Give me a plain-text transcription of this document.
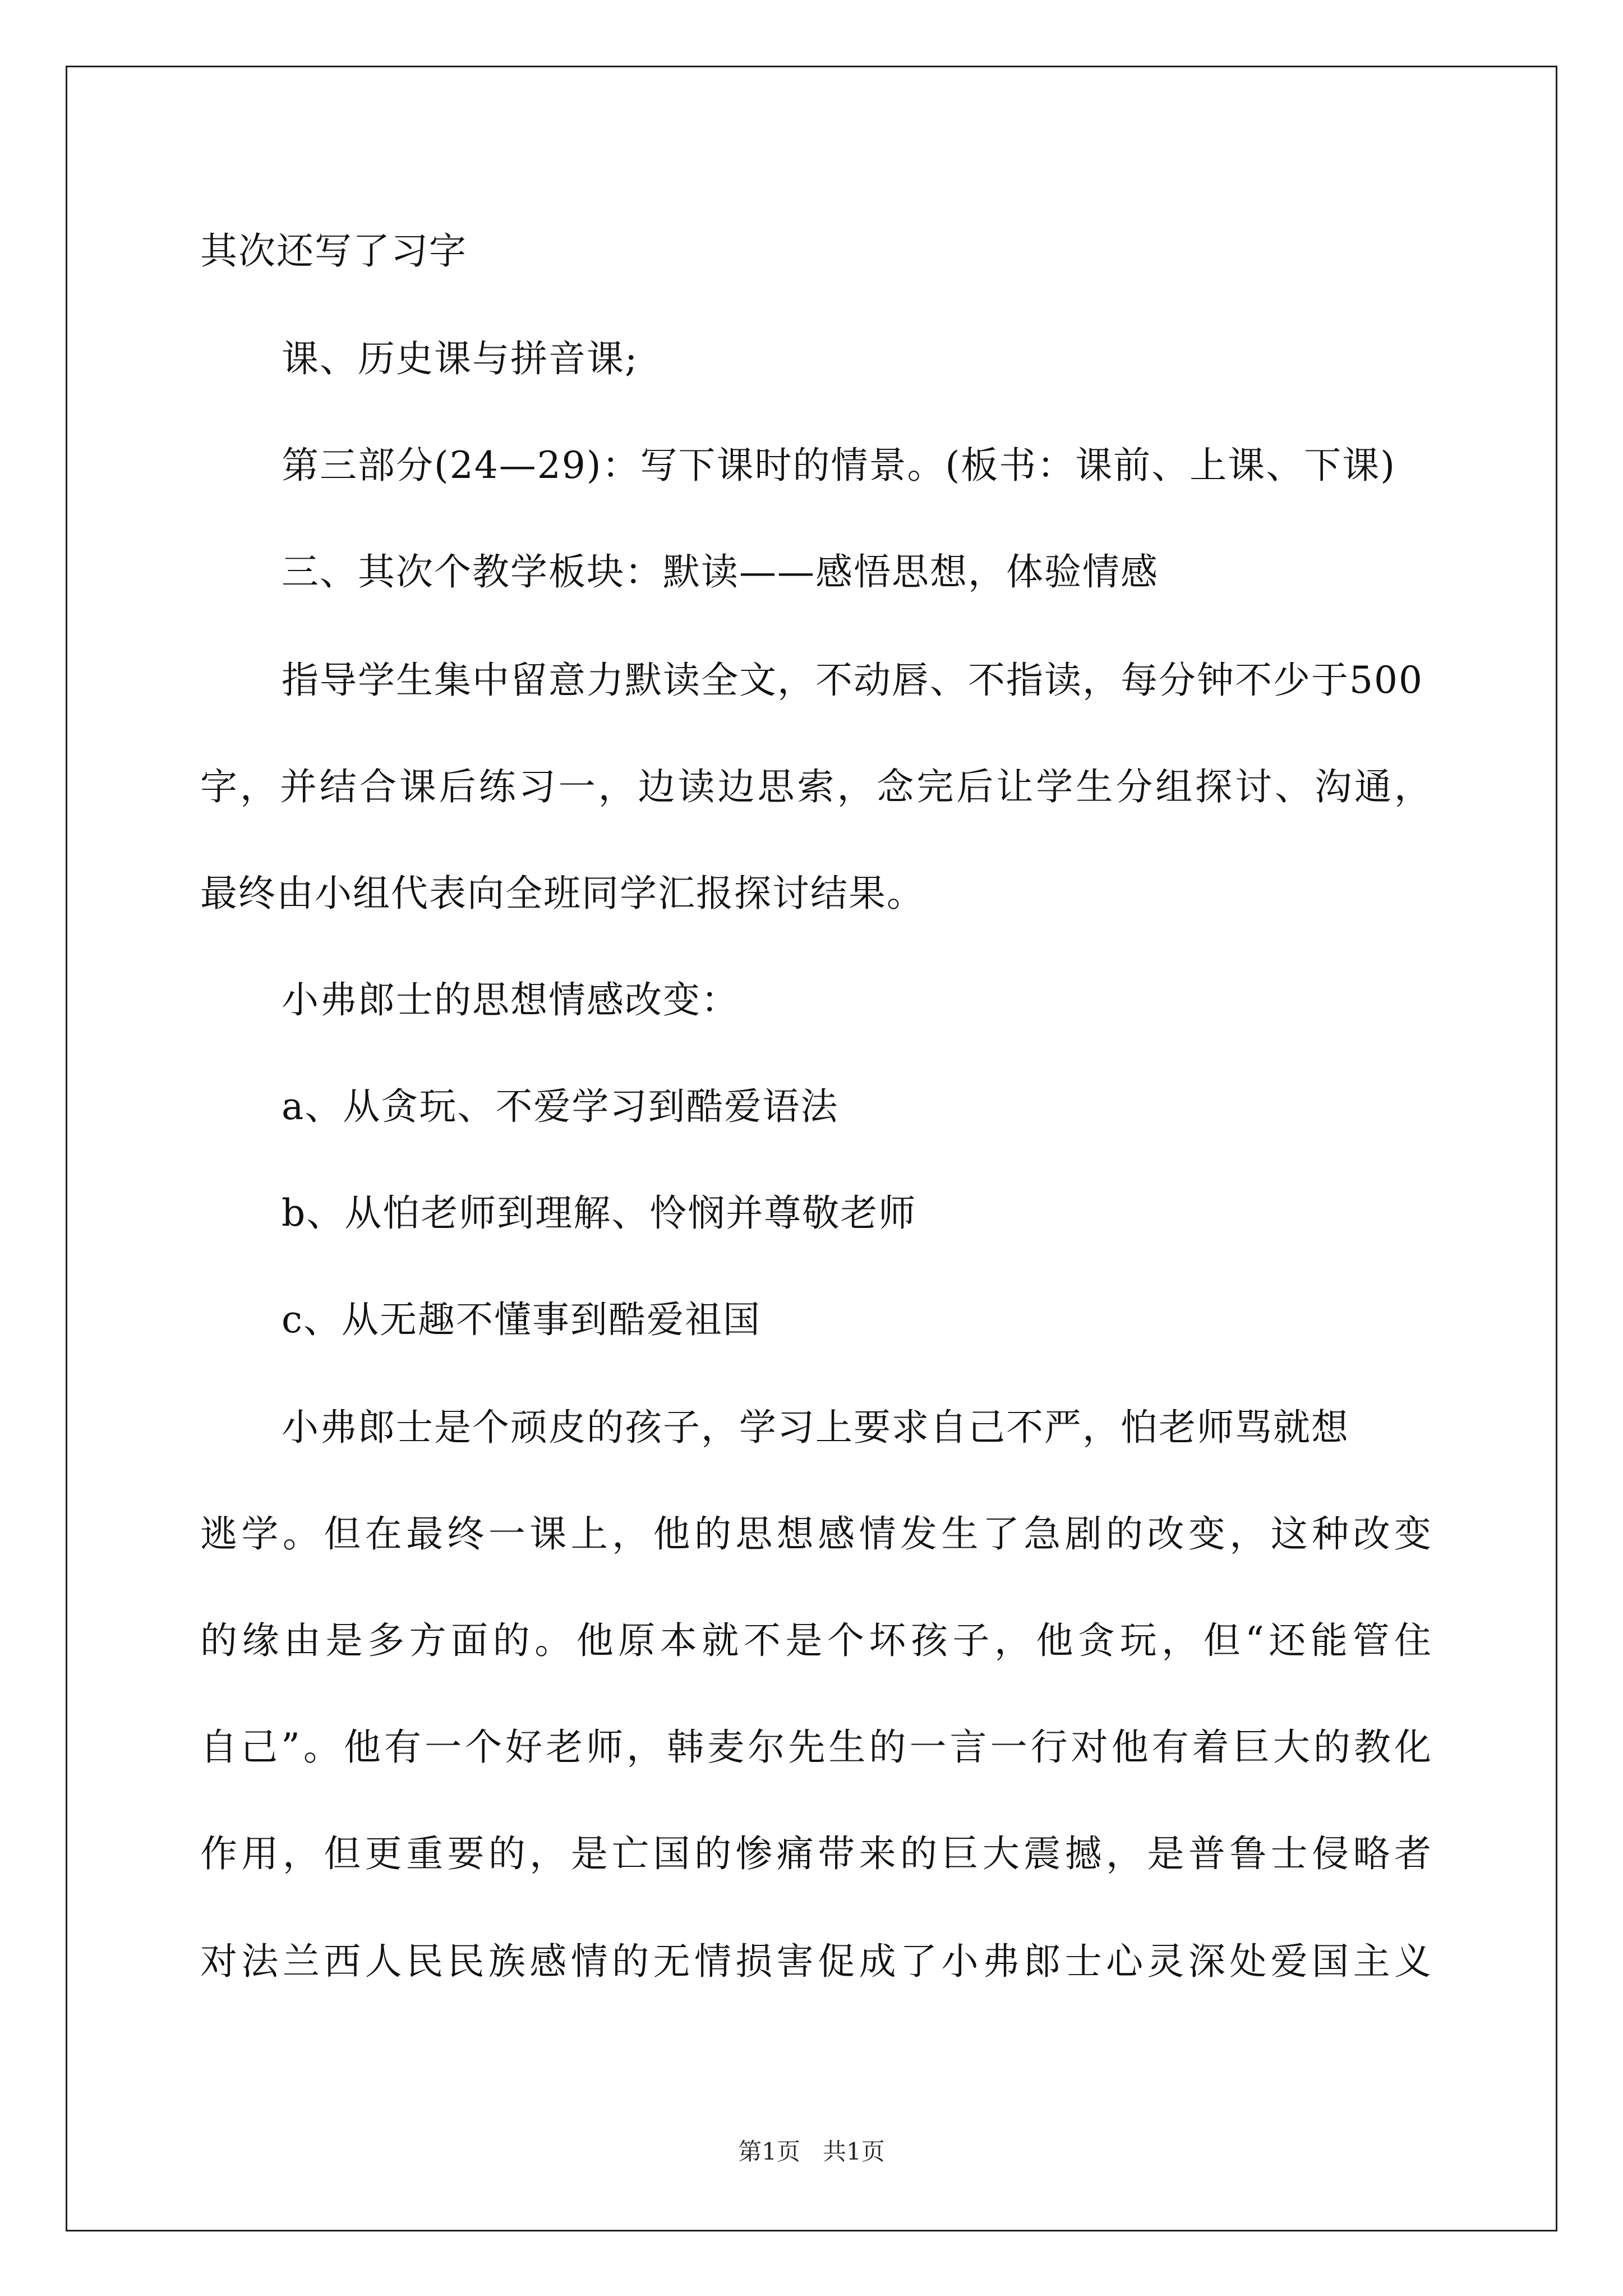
其次还写了习字
课、历史课与拼音课;
第三部分(24—29)：写下课时的情景。(板书：课前、上课、下课)
三、其次个教学板块：默读——感悟思想，体验情感
指导学生集中留意力默读全文，不动唇、不指读，每分钟不少于500
字，并结合课后练习一，边读边思索，念完后让学生分组探讨、沟通，
最终由小组代表向全班同学汇报探讨结果。
小弗郎士的思想情感改变：
a、从贪玩、不爱学习到酷爱语法
b、从怕老师到理解、怜悯并尊敬老师
c、从无趣不懂事到酷爱祖国
小弗郎士是个顽皮的孩子，学习上要求自己不严，怕老师骂就想
逃学。但在最终一课上，他的思想感情发生了急剧的改变，这种改变
的缘由是多方面的。他原本就不是个坏孩子，他贪玩，但“还能管住
自己”。他有一个好老师，韩麦尔先生的一言一行对他有着巨大的教化
作用，但更重要的，是亡国的惨痛带来的巨大震撼，是普鲁士侵略者
对法兰西人民民族感情的无情损害促成了小弗郎士心灵深处爱国主义
第1页   共1页
